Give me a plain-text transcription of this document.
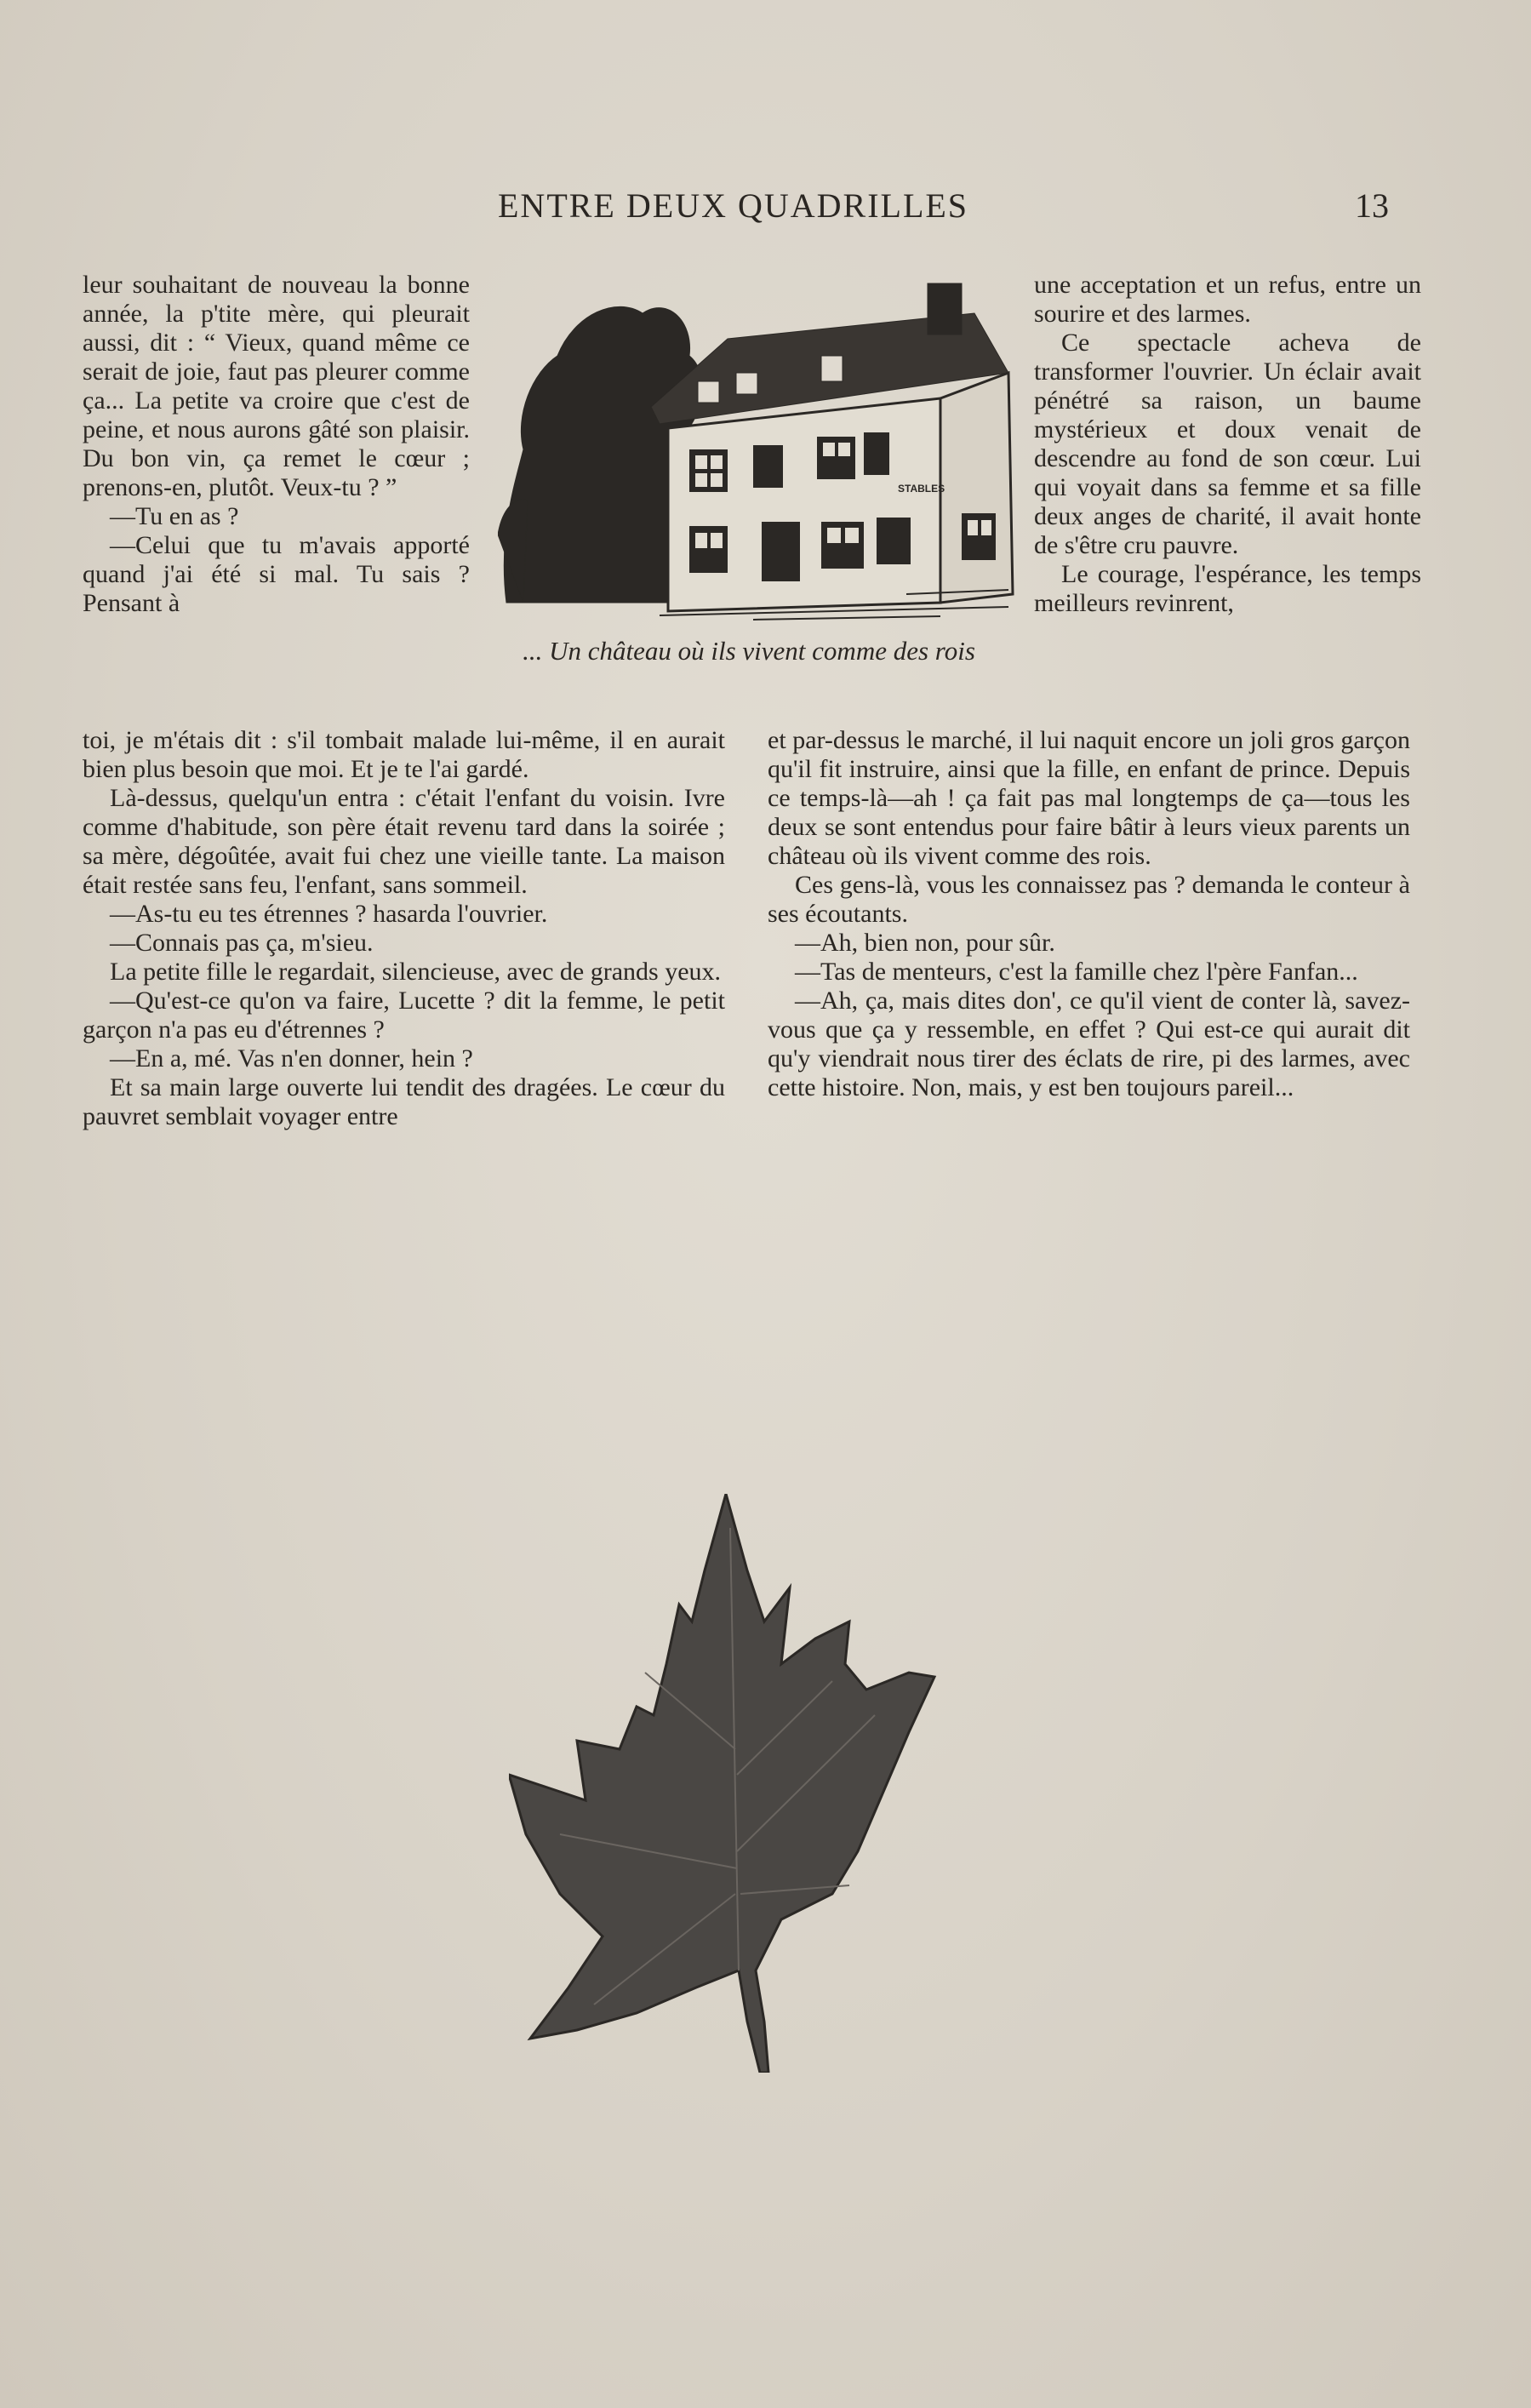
ENTRE DEUX QUADRILLES	13

leur souhaitant de nouveau la bonne année, la p'tite mère, qui pleurait aussi, dit : “ Vieux, quand même ce serait de joie, faut pas pleurer comme ça... La petite va croire que c'est de peine, et nous aurons gâté son plaisir. Du bon vin, ça remet le cœur ; prenons-en, plutôt. Veux-tu ? ”

—Tu en as ?

—Celui que tu m'avais apporté quand j'ai été si mal. Tu sais ? Pensant à

STABLES
... Un château où ils vivent comme des rois

une acceptation et un refus, entre un sourire et des larmes.

Ce spectacle acheva de transformer l'ouvrier. Un éclair avait pénétré sa raison, un baume mystérieux et doux venait de descendre au fond de son cœur. Lui qui voyait dans sa femme et sa fille deux anges de charité, il avait honte de s'être cru pauvre.

Le courage, l'espérance, les temps meilleurs revinrent,

toi, je m'étais dit : s'il tombait malade lui-même, il en aurait bien plus besoin que moi. Et je te l'ai gardé.

Là-dessus, quelqu'un entra : c'était l'enfant du voisin. Ivre comme d'habitude, son père était revenu tard dans la soirée ; sa mère, dégoûtée, avait fui chez une vieille tante. La maison était restée sans feu, l'enfant, sans sommeil.

—As-tu eu tes étrennes ? hasarda l'ouvrier.

—Connais pas ça, m'sieu.

La petite fille le regardait, silencieuse, avec de grands yeux.

—Qu'est-ce qu'on va faire, Lucette ? dit la femme, le petit garçon n'a pas eu d'étrennes ?

—En a, mé. Vas n'en donner, hein ?

Et sa main large ouverte lui tendit des dragées. Le cœur du pauvret semblait voyager entre

et par-dessus le marché, il lui naquit encore un joli gros garçon qu'il fit instruire, ainsi que la fille, en enfant de prince. Depuis ce temps-là—ah ! ça fait pas mal longtemps de ça—tous les deux se sont entendus pour faire bâtir à leurs vieux parents un château où ils vivent comme des rois.

Ces gens-là, vous les connaissez pas ? demanda le conteur à ses écoutants.

—Ah, bien non, pour sûr.

—Tas de menteurs, c'est la famille chez l'père Fanfan...

—Ah, ça, mais dites don', ce qu'il vient de conter là, savez-vous que ça y ressemble, en effet ? Qui est-ce qui aurait dit qu'y viendrait nous tirer des éclats de rire, pi des larmes, avec cette histoire. Non, mais, y est ben toujours pareil...
